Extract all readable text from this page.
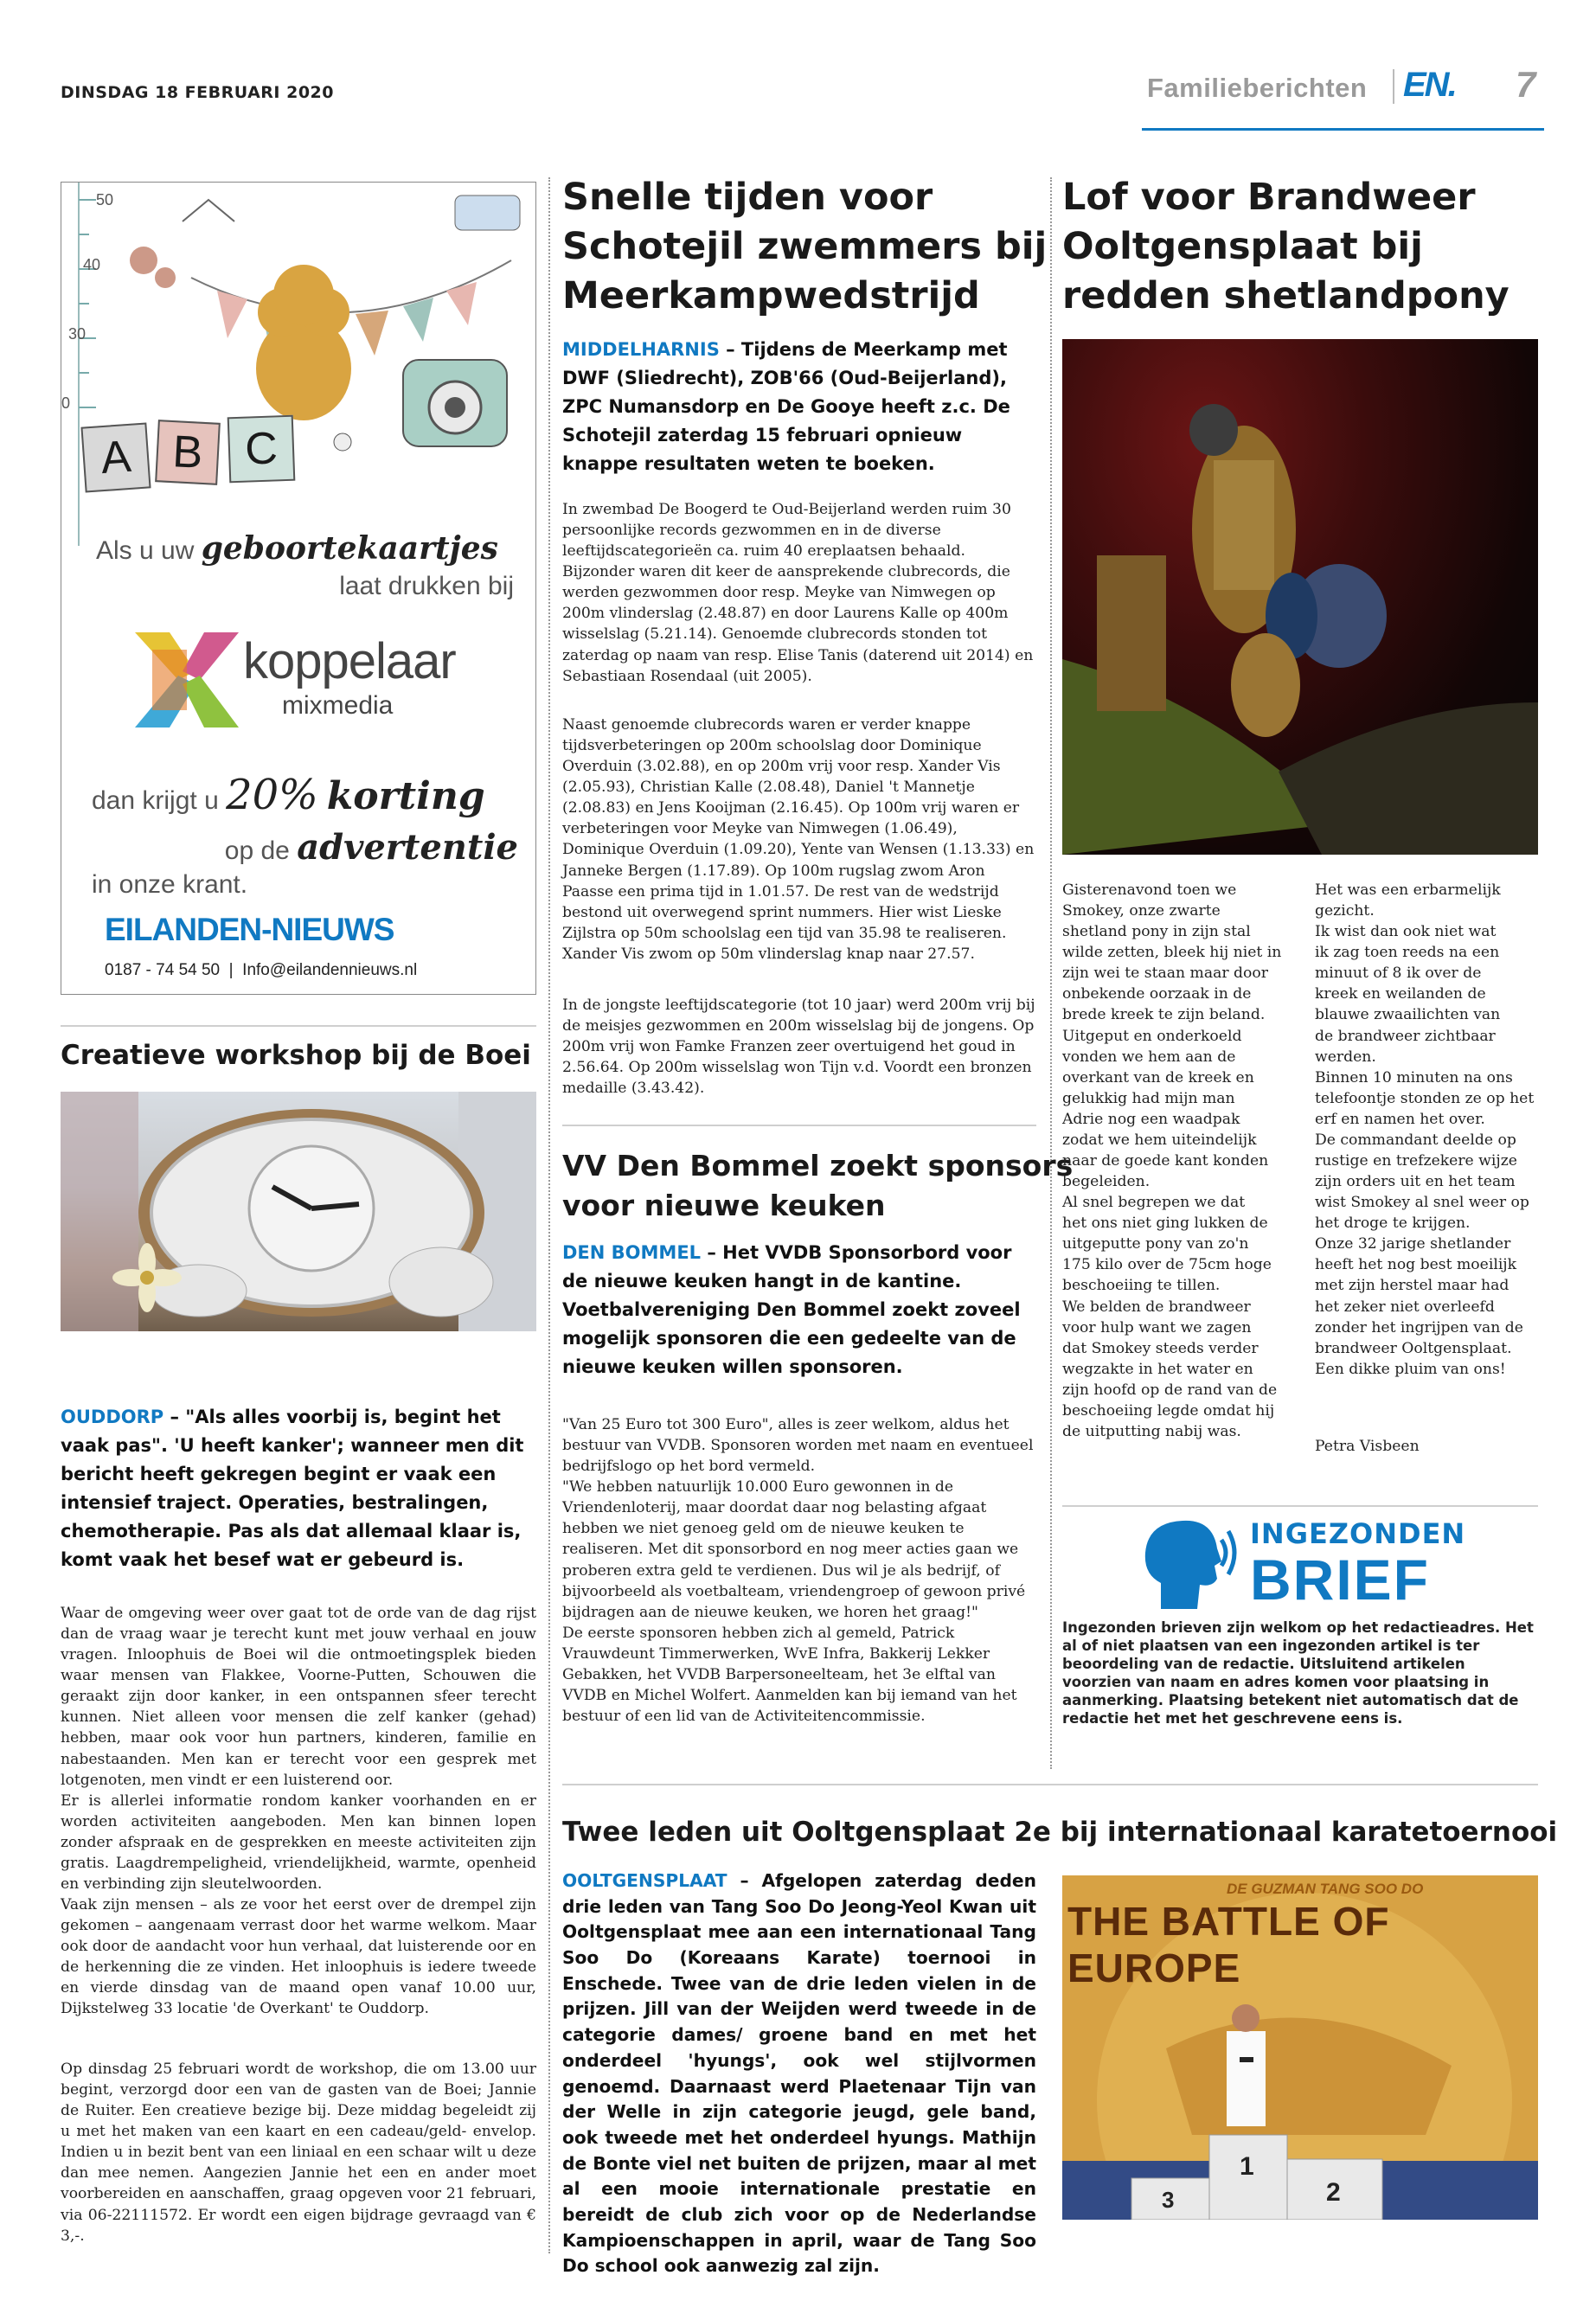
DINSDAG 18 FEBRUARI 2020	Familieberichten EN. 7
50
40
30
0
A B C
Als u uw geboortekaartjes
laat drukken bij
koppelaar
mixmedia
dan krijgt u 20% korting
op de advertentie
in onze krant.
EILANDEN-NIEUWS
0187 - 74 54 50  |  Info@eilandennieuws.nl
Creatieve workshop bij de Boei
OUDDORP – "Als alles voorbij is, begint het vaak pas". 'U heeft kanker'; wanneer men dit bericht heeft gekregen begint er vaak een intensief traject. Operaties, bestralingen, chemotherapie. Pas als dat allemaal klaar is, komt vaak het besef wat er gebeurd is.
Waar de omgeving weer over gaat tot de orde van de dag rijst dan de vraag waar je terecht kunt met jouw verhaal en jouw vragen. Inloophuis de Boei wil die ontmoetingsplek bieden waar mensen van Flakkee, Voorne-Putten, Schouwen die geraakt zijn door kanker, in een ontspannen sfeer terecht kunnen. Niet alleen voor mensen die zelf kanker (gehad) hebben, maar ook voor hun partners, kinderen, familie en nabestaanden. Men kan er terecht voor een gesprek met lotgenoten, men vindt er een luisterend oor.
Er is allerlei informatie rondom kanker voorhanden en er worden activiteiten aangeboden. Men kan binnen lopen zonder afspraak en de gesprekken en meeste activiteiten zijn gratis. Laagdrempeligheid, vriendelijkheid, warmte, openheid en verbinding zijn sleutelwoorden.
Vaak zijn mensen – als ze voor het eerst over de drempel zijn gekomen – aangenaam verrast door het warme welkom. Maar ook door de aandacht voor hun verhaal, dat luisterende oor en de herkenning die ze vinden. Het inloophuis is iedere tweede en vierde dinsdag van de maand open vanaf 10.00 uur, Dijkstelweg 33 locatie 'de Overkant' te Ouddorp.
Op dinsdag 25 februari wordt de workshop, die om 13.00 uur begint, verzorgd door een van de gasten van de Boei; Jannie de Ruiter. Een creatieve bezige bij. Deze middag begeleidt zij u met het maken van een kaart en een cadeau/geld- envelop. Indien u in bezit bent van een liniaal en een schaar wilt u deze dan mee nemen. Aangezien Jannie het een en ander moet voorbereiden en aanschaffen, graag opgeven voor 21 februari, via 06-22111572. Er wordt een eigen bijdrage gevraagd van € 3,-.
Snelle tijden voor
Schotejil zwemmers bij
Meerkampwedstrijd
MIDDELHARNIS – Tijdens de Meerkamp met DWF (Sliedrecht), ZOB'66 (Oud-Beijerland), ZPC Numansdorp en De Gooye heeft z.c. De Schotejil zaterdag 15 februari opnieuw knappe resultaten weten te boeken.
In zwembad De Boogerd te Oud-Beijerland werden ruim 30 persoonlijke records gezwommen en in de diverse leeftijdscategorieën ca. ruim 40 ereplaatsen behaald. Bijzonder waren dit keer de aansprekende clubrecords, die werden gezwommen door resp. Meyke van Nimwegen op 200m vlinderslag (2.48.87) en door Laurens Kalle op 400m wisselslag (5.21.14). Genoemde clubrecords stonden tot zaterdag op naam van resp. Elise Tanis (daterend uit 2014) en Sebastiaan Rosendaal (uit 2005).
Naast genoemde clubrecords waren er verder knappe tijdsverbeteringen op 200m schoolslag door Dominique Overduin (3.02.88), en op 200m vrij voor resp. Xander Vis (2.05.93), Christian Kalle (2.08.48), Daniel 't Mannetje (2.08.83) en Jens Kooijman (2.16.45). Op 100m vrij waren er verbeteringen voor Meyke van Nimwegen (1.06.49), Dominique Overduin (1.09.20), Yente van Wensen (1.13.33) en Janneke Bergen (1.17.89). Op 100m rugslag zwom Aron Paasse een prima tijd in 1.01.57. De rest van de wedstrijd bestond uit overwegend sprint nummers. Hier wist Lieske Zijlstra op 50m schoolslag een tijd van 35.98 te realiseren. Xander Vis zwom op 50m vlinderslag knap naar 27.57.
In de jongste leeftijdscategorie (tot 10 jaar) werd 200m vrij bij de meisjes gezwommen en 200m wisselslag bij de jongens. Op 200m vrij won Famke Franzen zeer overtuigend het goud in 2.56.64. Op 200m wisselslag won Tijn v.d. Voordt een bronzen medaille (3.43.42).
VV Den Bommel zoekt sponsors
voor nieuwe keuken
DEN BOMMEL – Het VVDB Sponsorbord voor de nieuwe keuken hangt in de kantine. Voetbalvereniging Den Bommel zoekt zoveel mogelijk sponsoren die een gedeelte van de nieuwe keuken willen sponsoren.
"Van 25 Euro tot 300 Euro", alles is zeer welkom, aldus het bestuur van VVDB. Sponsoren worden met naam en eventueel bedrijfslogo op het bord vermeld.
"We hebben natuurlijk 10.000 Euro gewonnen in de Vriendenloterij, maar doordat daar nog belasting afgaat hebben we niet genoeg geld om de nieuwe keuken te realiseren. Met dit sponsorbord en nog meer acties gaan we proberen extra geld te verdienen. Dus wil je als bedrijf, of bijvoorbeeld als voetbalteam, vriendengroep of gewoon privé bijdragen aan de nieuwe keuken, we horen het graag!"
De eerste sponsoren hebben zich al gemeld, Patrick Vrauwdeunt Timmerwerken, WvE Infra, Bakkerij Lekker Gebakken, het VVDB Barpersoneelteam, het 3e elftal van VVDB en Michel Wolfert. Aanmelden kan bij iemand van het bestuur of een lid van de Activiteitencommissie.
Lof voor Brandweer
Ooltgensplaat bij
redden shetlandpony
Gisterenavond toen we
Smokey, onze zwarte
shetland pony in zijn stal
wilde zetten, bleek hij niet in
zijn wei te staan maar door
onbekende oorzaak in de
brede kreek te zijn beland.
Uitgeput en onderkoeld
vonden we hem aan de
overkant van de kreek en
gelukkig had mijn man
Adrie nog een waadpak
zodat we hem uiteindelijk
naar de goede kant konden
begeleiden.
Al snel begrepen we dat
het ons niet ging lukken de
uitgeputte pony van zo'n
175 kilo over de 75cm hoge
beschoeiing te tillen.
We belden de brandweer
voor hulp want we zagen
dat Smokey steeds verder
wegzakte in het water en
zijn hoofd op de rand van de
beschoeiing legde omdat hij
de uitputting nabij was.
Het was een erbarmelijk
gezicht.
Ik wist dan ook niet wat
ik zag toen reeds na een
minuut of 8 ik over de
kreek en weilanden de
blauwe zwaailichten van
de brandweer zichtbaar
werden.
Binnen 10 minuten na ons
telefoontje stonden ze op het
erf en namen het over.
De commandant deelde op
rustige en trefzekere wijze
zijn orders uit en het team
wist Smokey al snel weer op
het droge te krijgen.
Onze 32 jarige shetlander
heeft het nog best moeilijk
met zijn herstel maar had
het zeker niet overleefd
zonder het ingrijpen van de
brandweer Ooltgensplaat.
Een dikke pluim van ons!
Petra Visbeen
INGEZONDEN
BRIEF
Ingezonden brieven zijn welkom op het redactieadres. Het al of niet plaatsen van een ingezonden artikel is ter beoordeling van de redactie. Uitsluitend artikelen voorzien van naam en adres komen voor plaatsing in aanmerking. Plaatsing betekent niet automatisch dat de redactie het met het geschrevene eens is.
Twee leden uit Ooltgensplaat 2e bij internationaal karatetoernooi
OOLTGENSPLAAT – Afgelopen zaterdag deden drie leden van Tang Soo Do Jeong-Yeol Kwan uit Ooltgensplaat mee aan een internationaal Tang Soo Do (Koreaans Karate) toernooi in Enschede. Twee van de drie leden vielen in de prijzen. Jill van der Weijden werd tweede in de categorie dames/ groene band en met het onderdeel 'hyungs', ook wel stijlvormen genoemd. Daarnaast werd Plaetenaar Tijn van der Welle in zijn categorie jeugd, gele band, ook tweede met het onderdeel hyungs. Mathijn de Bonte viel net buiten de prijzen, maar al met al een mooie internationale prestatie en bereidt de club zich voor op de Nederlandse Kampioenschappen in april, waar de Tang Soo Do school ook aanwezig zal zijn.
DE GUZMAN TANG SOO DO
THE BATTLE OF EUROPE
1
2
3
